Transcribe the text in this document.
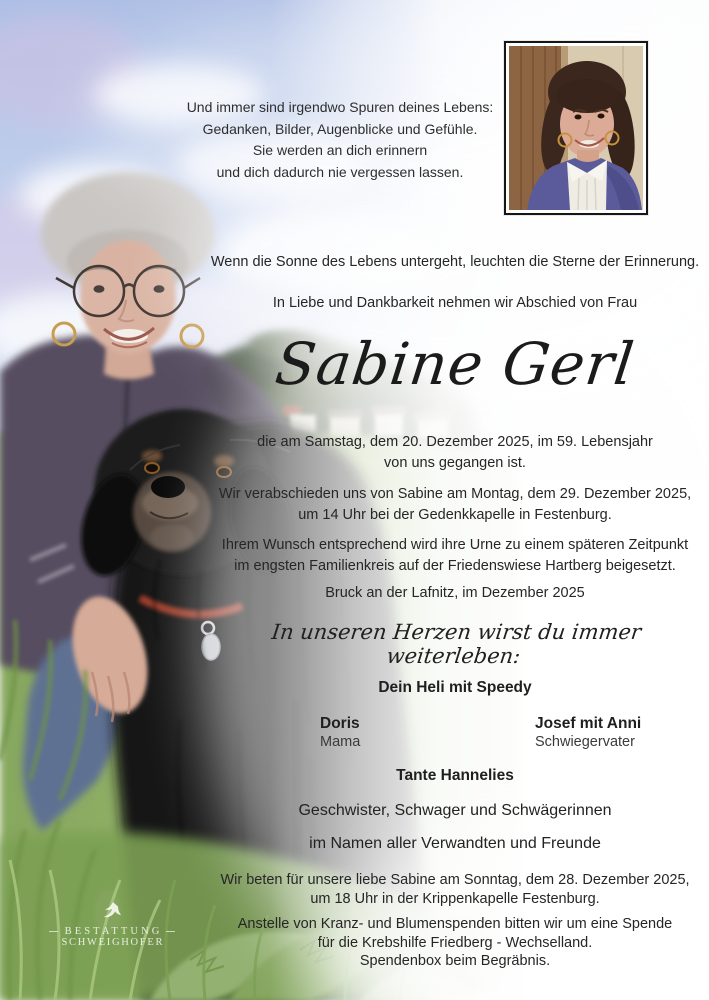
BESTATTUNG
SCHWEIGHOFER
Und immer sind irgendwo Spuren deines Lebens:
Gedanken, Bilder, Augenblicke und Gefühle.
Sie werden an dich erinnern
und dich dadurch nie vergessen lassen.
Wenn die Sonne des Lebens untergeht, leuchten die Sterne der Erinnerung.
In Liebe und Dankbarkeit nehmen wir Abschied von Frau
Sabine Gerl
die am Samstag, dem 20. Dezember 2025, im 59. Lebensjahr
von uns gegangen ist.
Wir verabschieden uns von Sabine am Montag, dem 29. Dezember 2025,
um 14 Uhr bei der Gedenkkapelle in Festenburg.
Ihrem Wunsch entsprechend wird ihre Urne zu einem späteren Zeitpunkt
im engsten Familienkreis auf der Friedenswiese Hartberg beigesetzt.
Bruck an der Lafnitz, im Dezember 2025
In unseren Herzen wirst du immer weiterleben:
Dein Heli mit Speedy
Doris
Mama
Josef mit Anni
Schwiegervater
Tante Hannelies
Geschwister, Schwager und Schwägerinnen
im Namen aller Verwandten und Freunde
Wir beten für unsere liebe Sabine am Sonntag, dem 28. Dezember 2025,
um 18 Uhr in der Krippenkapelle Festenburg.
Anstelle von Kranz- und Blumenspenden bitten wir um eine Spende
für die Krebshilfe Friedberg - Wechselland.
Spendenbox beim Begräbnis.
